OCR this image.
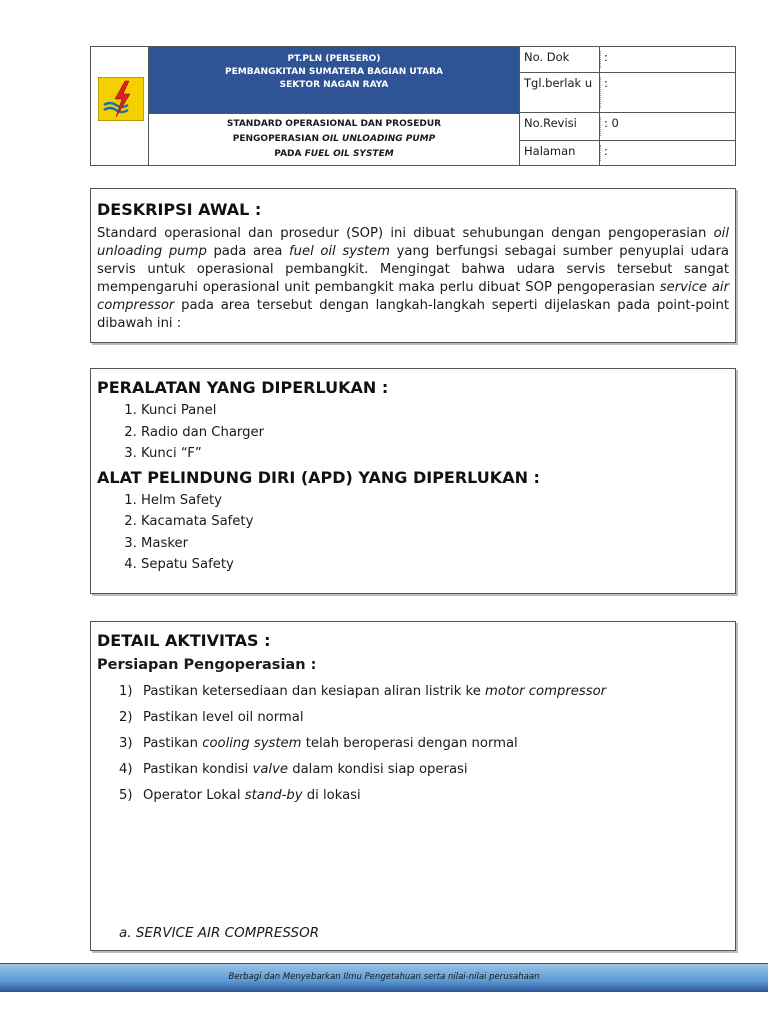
PT.PLN (PERSERO)
PEMBANGKITAN SUMATERA BAGIAN UTARA
SEKTOR NAGAN RAYA
STANDARD OPERASIONAL DAN PROSEDUR
PENGOPERASIAN OIL UNLOADING PUMP
PADA FUEL OIL SYSTEM
No. Dok	:
Tgl.berlak u	:
No.Revisi	: 0
Halaman	:
DESKRIPSI AWAL :

Standard operasional dan prosedur (SOP) ini dibuat sehubungan dengan pengoperasian oil unloading pump pada area fuel oil system yang berfungsi sebagai sumber penyuplai udara servis untuk operasional pembangkit. Mengingat bahwa udara servis tersebut sangat mempengaruhi operasional unit pembangkit maka perlu dibuat SOP pengoperasian service air compressor pada area tersebut dengan langkah-langkah seperti dijelaskan pada point-point dibawah ini :

PERALATAN YANG DIPERLUKAN :
1. Kunci Panel
2. Radio dan Charger
3. Kunci “F”
ALAT PELINDUNG DIRI (APD) YANG DIPERLUKAN :
1. Helm Safety
2. Kacamata Safety
3. Masker
4. Sepatu Safety
DETAIL AKTIVITAS :
Persiapan Pengoperasian :
1) Pastikan ketersediaan dan kesiapan aliran listrik ke motor compressor
2) Pastikan level oil normal
3) Pastikan cooling system telah beroperasi dengan normal
4) Pastikan kondisi valve dalam kondisi siap operasi
5) Operator Lokal stand-by di lokasi
a. SERVICE AIR COMPRESSOR
Berbagi dan Menyebarkan Ilmu Pengetahuan serta nilai-nilai perusahaan
